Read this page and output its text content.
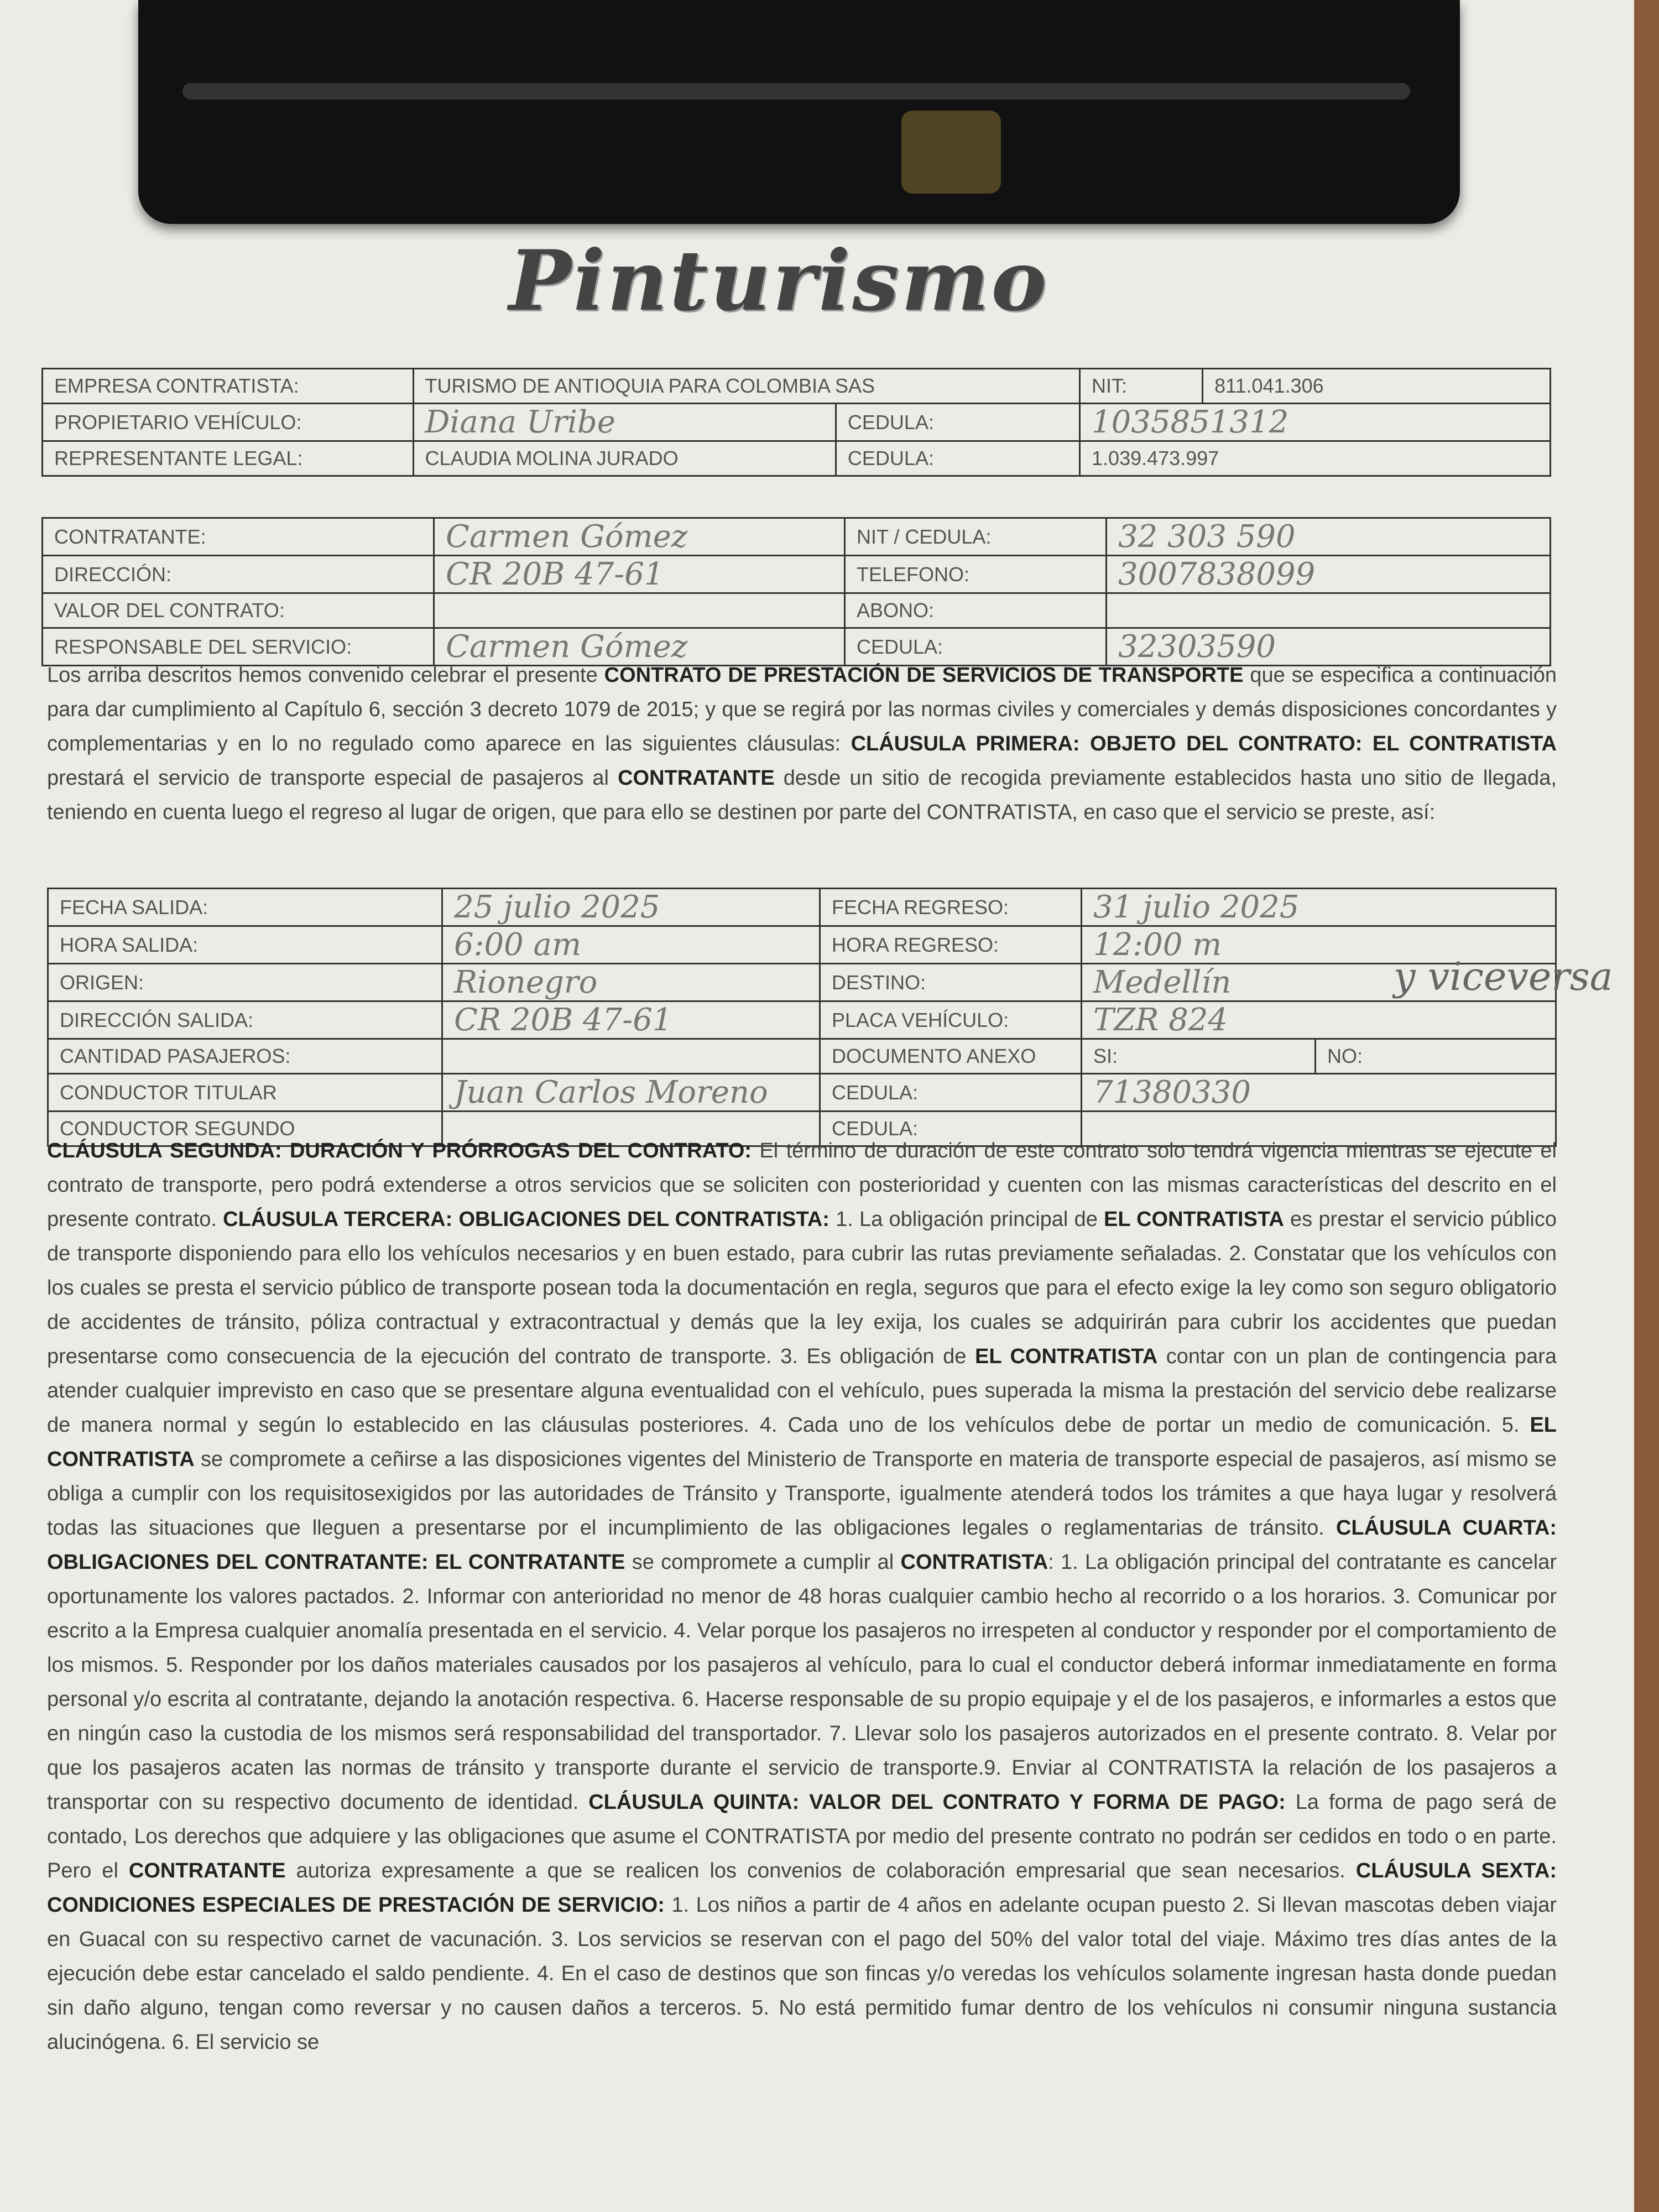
Pinturismo
EMPRESA CONTRATISTA:	TURISMO DE ANTIOQUIA PARA COLOMBIA SAS		NIT:	811.041.306
PROPIETARIO VEHÍCULO:	Diana Uribe	CEDULA:	1035851312	
REPRESENTANTE LEGAL:	CLAUDIA MOLINA JURADO	CEDULA:	1.039.473.997	
CONTRATANTE:	Carmen Gómez	NIT / CEDULA:	32 303 590
DIRECCIÓN:	CR 20B 47-61	TELEFONO:	3007838099
VALOR DEL CONTRATO:		ABONO:	
RESPONSABLE DEL SERVICIO:	Carmen Gómez	CEDULA:	32303590
Los arriba descritos hemos convenido celebrar el presente CONTRATO DE PRESTACIÓN DE SERVICIOS DE TRANSPORTE que se especifica a continuación para dar cumplimiento al Capítulo 6, sección 3 decreto 1079 de 2015; y que se regirá por las normas civiles y comerciales y demás disposiciones concordantes y complementarias y en lo no regulado como aparece en las siguientes cláusulas: CLÁUSULA PRIMERA: OBJETO DEL CONTRATO: EL CONTRATISTA prestará el servicio de transporte especial de pasajeros al CONTRATANTE desde un sitio de recogida previamente establecidos hasta uno sitio de llegada, teniendo en cuenta luego el regreso al lugar de origen, que para ello se destinen por parte del CONTRATISTA, en caso que el servicio se preste, así:
FECHA SALIDA:	25 julio 2025	FECHA REGRESO:	31 julio 2025	
HORA SALIDA:	6:00 am	HORA REGRESO:	12:00 m	
ORIGEN:	Rionegro	DESTINO:	Medellín	
DIRECCIÓN SALIDA:	CR 20B 47-61	PLACA VEHÍCULO:	TZR 824	
CANTIDAD PASAJEROS:		DOCUMENTO ANEXO	SI:	NO:
CONDUCTOR TITULAR	Juan Carlos Moreno	CEDULA:	71380330	
CONDUCTOR SEGUNDO		CEDULA:		
y viceversa
CLÁUSULA SEGUNDA: DURACIÓN Y PRÓRROGAS DEL CONTRATO: El término de duración de este contrato solo tendrá vigencia mientras se ejecute el contrato de transporte, pero podrá extenderse a otros servicios que se soliciten con posterioridad y cuenten con las mismas características del descrito en el presente contrato. CLÁUSULA TERCERA: OBLIGACIONES DEL CONTRATISTA: 1. La obligación principal de EL CONTRATISTA es prestar el servicio público de transporte disponiendo para ello los vehículos necesarios y en buen estado, para cubrir las rutas previamente señaladas. 2. Constatar que los vehículos con los cuales se presta el servicio público de transporte posean toda la documentación en regla, seguros que para el efecto exige la ley como son seguro obligatorio de accidentes de tránsito, póliza contractual y extracontractual y demás que la ley exija, los cuales se adquirirán para cubrir los accidentes que puedan presentarse como consecuencia de la ejecución del contrato de transporte. 3. Es obligación de EL CONTRATISTA contar con un plan de contingencia para atender cualquier imprevisto en caso que se presentare alguna eventualidad con el vehículo, pues superada la misma la prestación del servicio debe realizarse de manera normal y según lo establecido en las cláusulas posteriores. 4. Cada uno de los vehículos debe de portar un medio de comunicación. 5. EL CONTRATISTA se compromete a ceñirse a las disposiciones vigentes del Ministerio de Transporte en materia de transporte especial de pasajeros, así mismo se obliga a cumplir con los requisitosexigidos por las autoridades de Tránsito y Transporte, igualmente atenderá todos los trámites a que haya lugar y resolverá todas las situaciones que lleguen a presentarse por el incumplimiento de las obligaciones legales o reglamentarias de tránsito. CLÁUSULA CUARTA: OBLIGACIONES DEL CONTRATANTE: EL CONTRATANTE se compromete a cumplir al CONTRATISTA: 1. La obligación principal del contratante es cancelar oportunamente los valores pactados. 2. Informar con anterioridad no menor de 48 horas cualquier cambio hecho al recorrido o a los horarios. 3. Comunicar por escrito a la Empresa cualquier anomalía presentada en el servicio. 4. Velar porque los pasajeros no irrespeten al conductor y responder por el comportamiento de los mismos. 5. Responder por los daños materiales causados por los pasajeros al vehículo, para lo cual el conductor deberá informar inmediatamente en forma personal y/o escrita al contratante, dejando la anotación respectiva. 6. Hacerse responsable de su propio equipaje y el de los pasajeros, e informarles a estos que en ningún caso la custodia de los mismos será responsabilidad del transportador. 7. Llevar solo los pasajeros autorizados en el presente contrato. 8. Velar por que los pasajeros acaten las normas de tránsito y transporte durante el servicio de transporte.9. Enviar al CONTRATISTA la relación de los pasajeros a transportar con su respectivo documento de identidad. CLÁUSULA QUINTA: VALOR DEL CONTRATO Y FORMA DE PAGO: La forma de pago será de contado, Los derechos que adquiere y las obligaciones que asume el CONTRATISTA por medio del presente contrato no podrán ser cedidos en todo o en parte. Pero el CONTRATANTE autoriza expresamente a que se realicen los convenios de colaboración empresarial que sean necesarios. CLÁUSULA SEXTA: CONDICIONES ESPECIALES DE PRESTACIÓN DE SERVICIO: 1. Los niños a partir de 4 años en adelante ocupan puesto 2. Si llevan mascotas deben viajar en Guacal con su respectivo carnet de vacunación. 3. Los servicios se reservan con el pago del 50% del valor total del viaje. Máximo tres días antes de la ejecución debe estar cancelado el saldo pendiente. 4. En el caso de destinos que son fincas y/o veredas los vehículos solamente ingresan hasta donde puedan sin daño alguno, tengan como reversar y no causen daños a terceros. 5. No está permitido fumar dentro de los vehículos ni consumir ninguna sustancia alucinógena. 6. El servicio se
